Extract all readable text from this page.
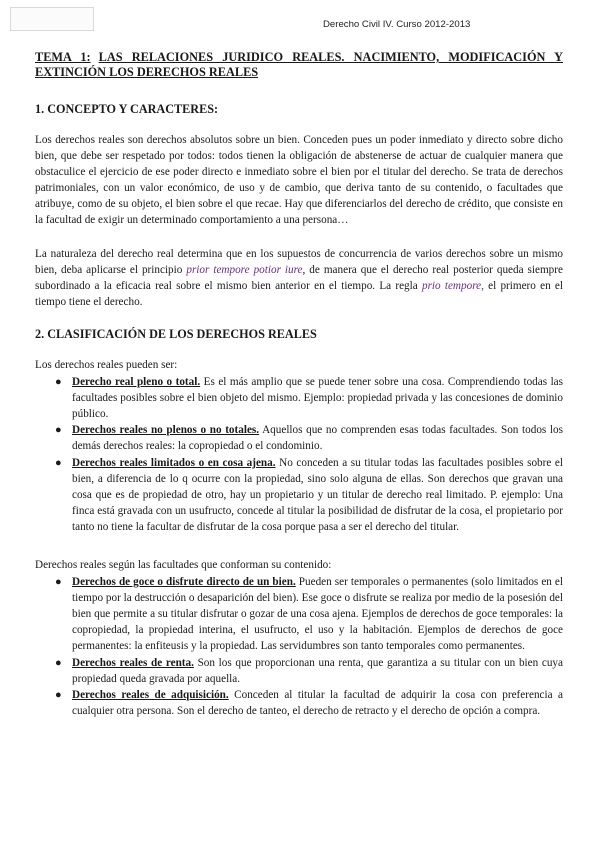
Derecho Civil IV. Curso 2012-2013
TEMA 1: LAS RELACIONES JURIDICO REALES. NACIMIENTO, MODIFICACIÓN Y EXTINCIÓN LOS DERECHOS REALES
1. CONCEPTO Y CARACTERES:

Los derechos reales son derechos absolutos sobre un bien. Conceden pues un poder inmediato y directo sobre dicho bien, que debe ser respetado por todos: todos tienen la obligación de abstenerse de actuar de cualquier manera que obstaculice el ejercicio de ese poder directo e inmediato sobre el bien por el titular del derecho. Se trata de derechos patrimoniales, con un valor económico, de uso y de cambio, que deriva tanto de su contenido, o facultades que atribuye, como de su objeto, el bien sobre el que recae. Hay que diferenciarlos del derecho de crédito, que consiste en la facultad de exigir un determinado comportamiento a una persona…

La naturaleza del derecho real determina que en los supuestos de concurrencia de varios derechos sobre un mismo bien, deba aplicarse el principio prior tempore potior iure, de manera que el derecho real posterior queda siempre subordinado a la eficacia real sobre el mismo bien anterior en el tiempo. La regla prio tempore, el primero en el tiempo tiene el derecho.

2. CLASIFICACIÓN DE LOS DERECHOS REALES

Los derechos reales pueden ser:

● Derecho real pleno o total. Es el más amplio que se puede tener sobre una cosa. Comprendiendo todas las facultades posibles sobre el bien objeto del mismo. Ejemplo: propiedad privada y las concesiones de dominio público.
● Derechos reales no plenos o no totales. Aquellos que no comprenden esas todas facultades. Son todos los demás derechos reales: la copropiedad o el condominio.
● Derechos reales limitados o en cosa ajena. No conceden a su titular todas las facultades posibles sobre el bien, a diferencia de lo q ocurre con la propiedad, sino solo alguna de ellas. Son derechos que gravan una cosa que es de propiedad de otro, hay un propietario y un titular de derecho real limitado. P. ejemplo: Una finca está gravada con un usufructo, concede al titular la posibilidad de disfrutar de la cosa, el propietario por tanto no tiene la facultar de disfrutar de la cosa porque pasa a ser el derecho del titular.

Derechos reales según las facultades que conforman su contenido:

● Derechos de goce o disfrute directo de un bien. Pueden ser temporales o permanentes (solo limitados en el tiempo por la destrucción o desaparición del bien). Ese goce o disfrute se realiza por medio de la posesión del bien que permite a su titular disfrutar o gozar de una cosa ajena. Ejemplos de derechos de goce temporales: la copropiedad, la propiedad interina, el usufructo, el uso y la habitación. Ejemplos de derechos de goce permanentes: la enfiteusis y la propiedad. Las servidumbres son tanto temporales como permanentes.
● Derechos reales de renta. Son los que proporcionan una renta, que garantiza a su titular con un bien cuya propiedad queda gravada por aquella.
● Derechos reales de adquisición. Conceden al titular la facultad de adquirir la cosa con preferencia a cualquier otra persona. Son el derecho de tanteo, el derecho de retracto y el derecho de opción a compra.
